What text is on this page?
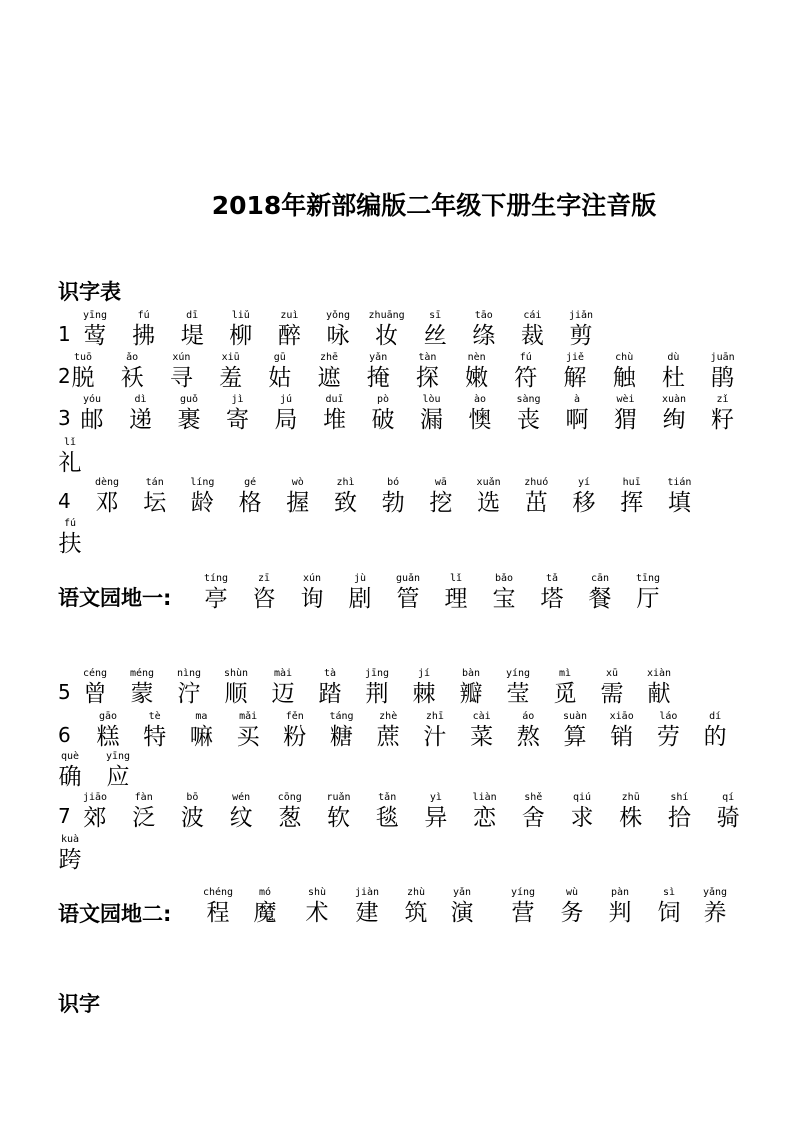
2018年新部编版二年级下册生字注音版
识字表
语文园地一:
语文园地二:
识字
1
yīng
莺
fú
拂
dī
堤
liǔ
柳
zuì
醉
yǒng
咏
zhuāng
妆
sī
丝
tāo
绦
cái
裁
jiǎn
剪
2
tuō
脱
ǎo
袄
xún
寻
xiū
羞
gū
姑
zhē
遮
yǎn
掩
tàn
探
nèn
嫩
fú
符
jiě
解
chù
触
dù
杜
juān
鹃
3
yóu
邮
dì
递
guǒ
裹
jì
寄
jú
局
duī
堆
pò
破
lòu
漏
ào
懊
sàng
丧
à
啊
wèi
猬
xuàn
绚
zǐ
籽
lǐ
礼
4
dèng
邓
tán
坛
líng
龄
gé
格
wò
握
zhì
致
bó
勃
wā
挖
xuǎn
选
zhuó
茁
yí
移
huī
挥
tián
填
fú
扶
tíng
亭
zī
咨
xún
询
jù
剧
guǎn
管
lǐ
理
bǎo
宝
tǎ
塔
cān
餐
tīng
厅
5
céng
曾
méng
蒙
nìng
泞
shùn
顺
mài
迈
tà
踏
jīng
荆
jí
棘
bàn
瓣
yíng
莹
mì
觅
xū
需
xiàn
献
6
gāo
糕
tè
特
ma
嘛
mǎi
买
fěn
粉
táng
糖
zhè
蔗
zhī
汁
cài
菜
áo
熬
suàn
算
xiāo
销
láo
劳
dí
的
què
确
yīng
应
7
jiāo
郊
fàn
泛
bō
波
wén
纹
cōng
葱
ruǎn
软
tǎn
毯
yì
异
liàn
恋
shě
舍
qiú
求
zhū
株
shí
拾
qí
骑
kuà
跨
chéng
程
mó
魔
shù
术
jiàn
建
zhù
筑
yǎn
演
yíng
营
wù
务
pàn
判
sì
饲
yǎng
养
